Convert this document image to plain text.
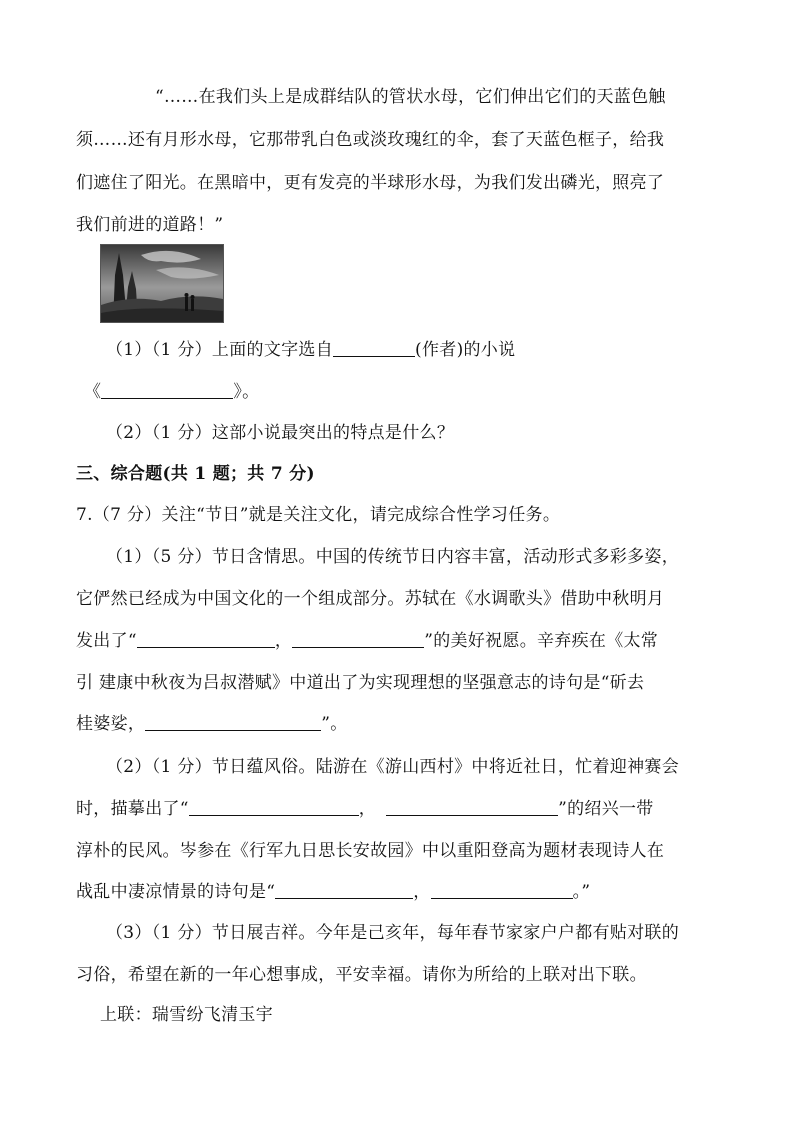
“……在我们头上是成群结队的管状水母，它们伸出它们的天蓝色触
须……还有月形水母，它那带乳白色或淡玫瑰红的伞，套了天蓝色框子，给我
们遮住了阳光。在黑暗中，更有发亮的半球形水母，为我们发出磷光，照亮了
我们前进的道路！”
（1）（1 分）上面的文字选自	(作者)的小说
《	》。
（2）（1 分）这部小说最突出的特点是什么？
三、综合题(共 1 题；共 7 分)
7.（7 分）关注“节日”就是关注文化，请完成综合性学习任务。
（1）（5 分）节日含情思。中国的传统节日内容丰富，活动形式多彩多姿，
它俨然已经成为中国文化的一个组成部分。苏轼在《水调歌头》借助中秋明月
发出了“	，	”的美好祝愿。辛弃疾在《太常
引 建康中秋夜为吕叔潜赋》中道出了为实现理想的坚强意志的诗句是“斫去
桂婆娑，	”。
（2）（1 分）节日蕴风俗。陆游在《游山西村》中将近社日，忙着迎神赛会
时，描摹出了“	，	”的绍兴一带
淳朴的民风。岑参在《行军九日思长安故园》中以重阳登高为题材表现诗人在
战乱中凄凉情景的诗句是“	，	。”
（3）（1 分）节日展吉祥。今年是己亥年，每年春节家家户户都有贴对联的
习俗，希望在新的一年心想事成，平安幸福。请你为所给的上联对出下联。
上联：瑞雪纷飞清玉宇
